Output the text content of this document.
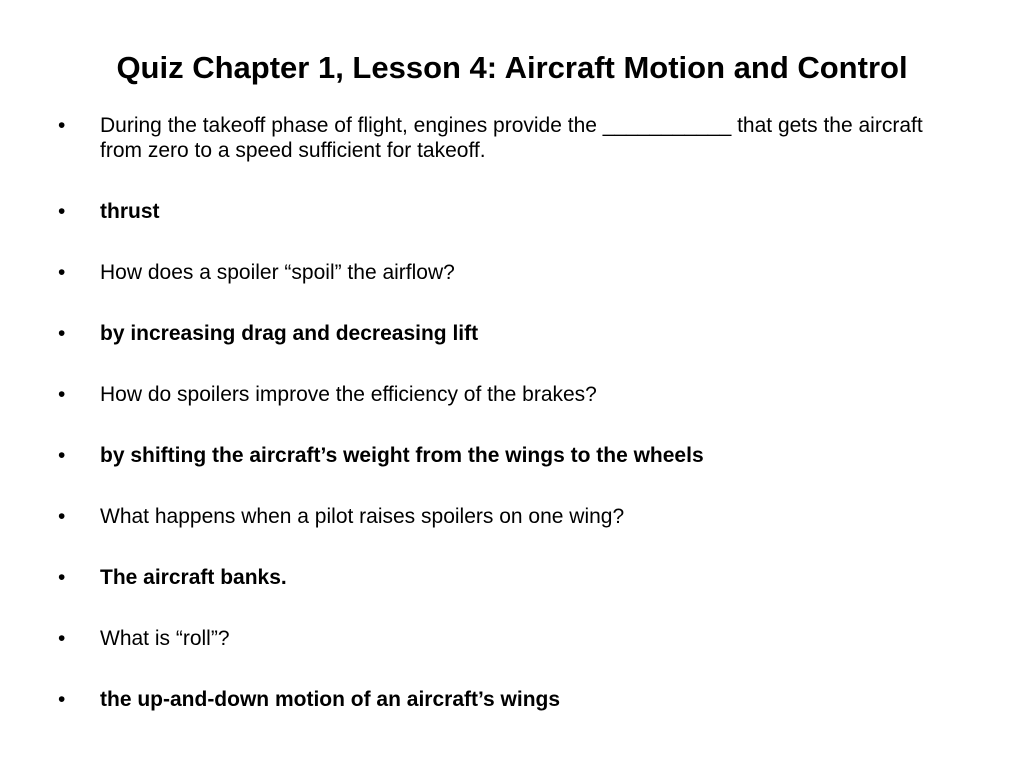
Quiz Chapter 1, Lesson 4: Aircraft Motion and Control
•	During the takeoff phase of flight, engines provide the ___________ that gets the aircraft from zero to a speed sufficient for takeoff.
•	thrust
•	How does a spoiler “spoil” the airflow?
•	by increasing drag and decreasing lift
•	How do spoilers improve the efficiency of the brakes?
•	by shifting the aircraft’s weight from the wings to the wheels
•	What happens when a pilot raises spoilers on one wing?
•	The aircraft banks.
•	What is “roll”?
•	the up-and-down motion of an aircraft’s wings
